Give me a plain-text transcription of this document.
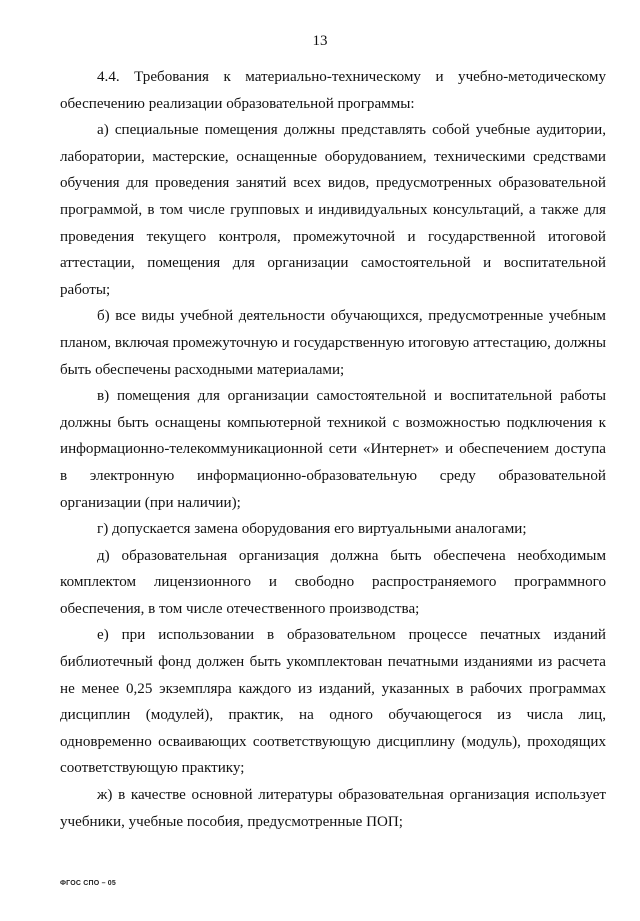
13

4.4. Требования к материально-техническому и учебно-методическому обеспечению реализации образовательной программы:

а) специальные помещения должны представлять собой учебные аудитории, лаборатории, мастерские, оснащенные оборудованием, техническими средствами обучения для проведения занятий всех видов, предусмотренных образовательной программой, в том числе групповых и индивидуальных консультаций, а также для проведения текущего контроля, промежуточной и государственной итоговой аттестации, помещения для организации самостоятельной и воспитательной работы;

б) все виды учебной деятельности обучающихся, предусмотренные учебным планом, включая промежуточную и государственную итоговую аттестацию, должны быть обеспечены расходными материалами;

в) помещения для организации самостоятельной и воспитательной работы должны быть оснащены компьютерной техникой с возможностью подключения к информационно-телекоммуникационной сети «Интернет» и обеспечением доступа в электронную информационно-образовательную среду образовательной организации (при наличии);

г) допускается замена оборудования его виртуальными аналогами;

д) образовательная организация должна быть обеспечена необходимым комплектом лицензионного и свободно распространяемого программного обеспечения, в том числе отечественного производства;

е) при использовании в образовательном процессе печатных изданий библиотечный фонд должен быть укомплектован печатными изданиями из расчета не менее 0,25 экземпляра каждого из изданий, указанных в рабочих программах дисциплин (модулей), практик, на одного обучающегося из числа лиц, одновременно осваивающих соответствующую дисциплину (модуль), проходящих соответствующую практику;

ж) в качестве основной литературы образовательная организация использует учебники, учебные пособия, предусмотренные ПОП;

ФГОС СПО – 05
